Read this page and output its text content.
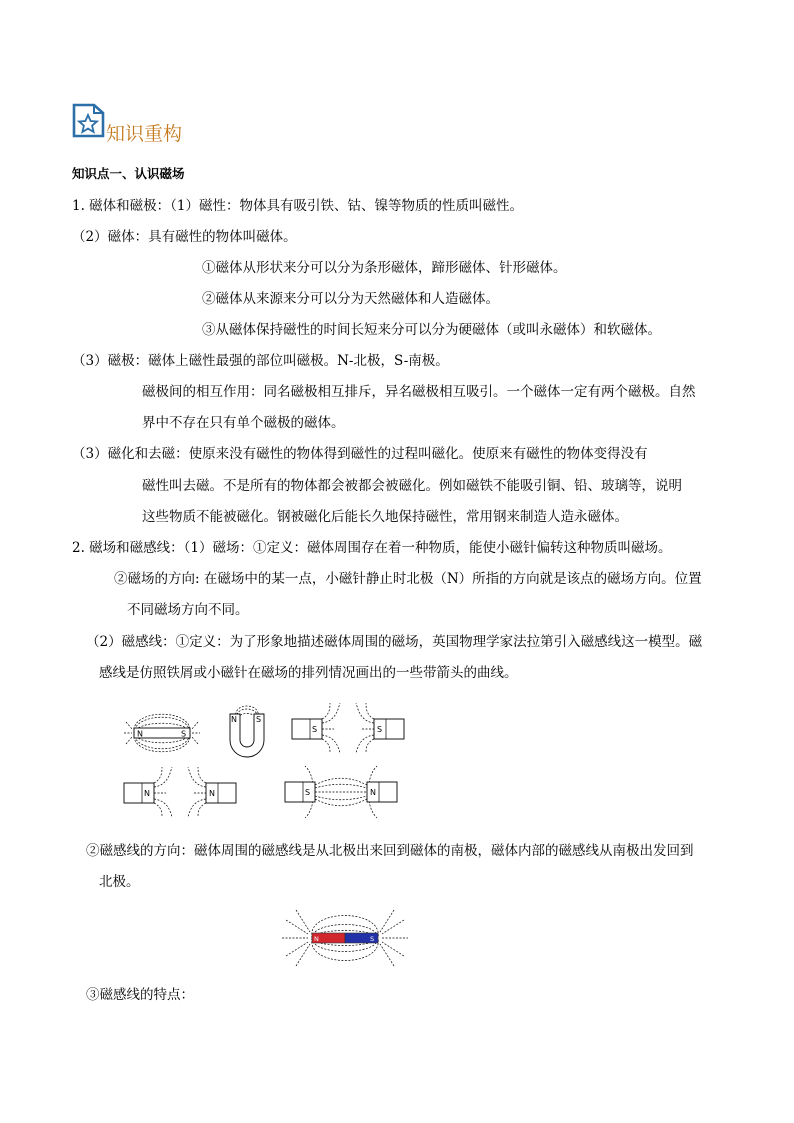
知识重构
知识点一、认识磁场
1. 磁体和磁极：（1）磁性：物体具有吸引铁、钴、镍等物质的性质叫磁性。
（2）磁体：具有磁性的物体叫磁体。
①磁体从形状来分可以分为条形磁体，蹄形磁体、针形磁体。
②磁体从来源来分可以分为天然磁体和人造磁体。
③从磁体保持磁性的时间长短来分可以分为硬磁体（或叫永磁体）和软磁体。
（3）磁极：磁体上磁性最强的部位叫磁极。N-北极，S-南极。
磁极间的相互作用：同名磁极相互排斥，异名磁极相互吸引。一个磁体一定有两个磁极。自然
界中不存在只有单个磁极的磁体。
（3）磁化和去磁：使原来没有磁性的物体得到磁性的过程叫磁化。使原来有磁性的物体变得没有
磁性叫去磁。不是所有的物体都会被都会被磁化。例如磁铁不能吸引铜、铅、玻璃等，说明
这些物质不能被磁化。钢被磁化后能长久地保持磁性，常用钢来制造人造永磁体。
2. 磁场和磁感线：（1）磁场：①定义：磁体周围存在着一种物质，能使小磁针偏转这种物质叫磁场。
②磁场的方向: 在磁场中的某一点，小磁针静止时北极（N）所指的方向就是该点的磁场方向。位置
不同磁场方向不同。
（2）磁感线：①定义：为了形象地描述磁体周围的磁场，英国物理学家法拉第引入磁感线这一模型。磁
感线是仿照铁屑或小磁针在磁场的排列情况画出的一些带箭头的曲线。
N	S
N S
S	S
N	N	S	N
②磁感线的方向：磁体周围的磁感线是从北极出来回到磁体的南极，磁体内部的磁感线从南极出发回到
北极。
N	S
③磁感线的特点：
